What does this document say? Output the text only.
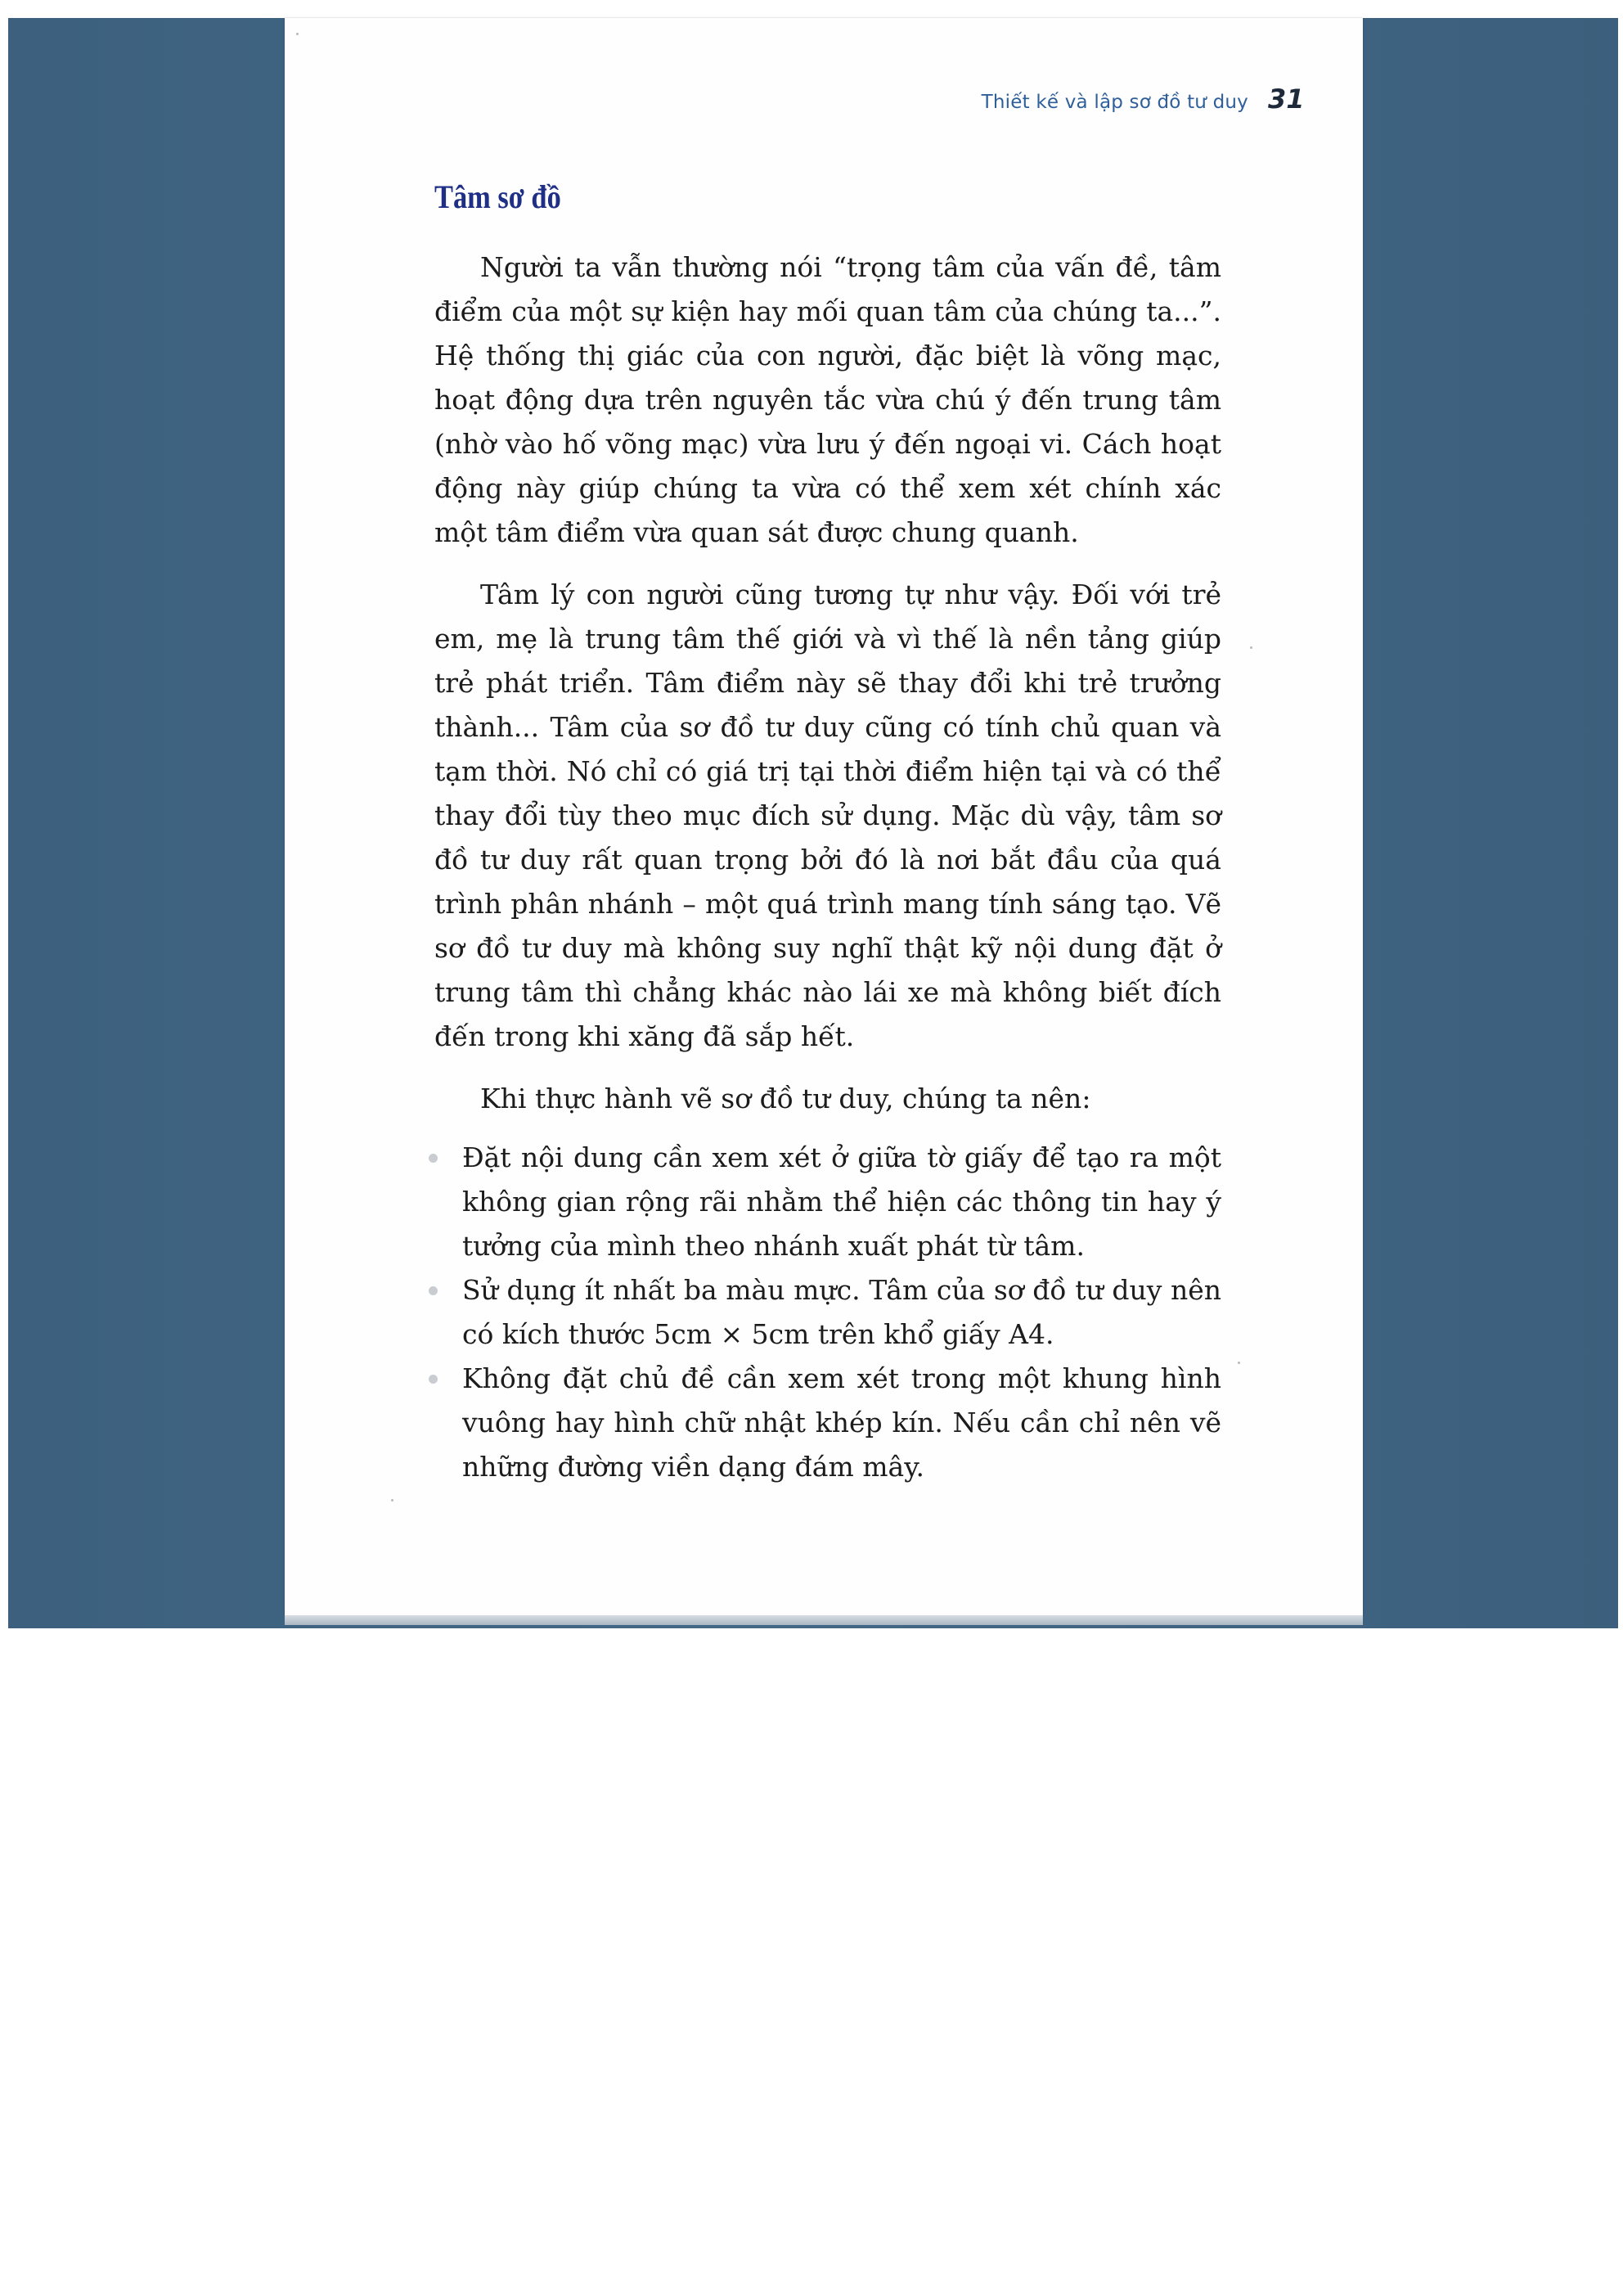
Thiết kế và lập sơ đồ tư duy 31
Tâm sơ đồ

Người ta vẫn thường nói “trọng tâm của vấn đề, tâm điểm của một sự kiện hay mối quan tâm của chúng ta...”. Hệ thống thị giác của con người, đặc biệt là võng mạc, hoạt động dựa trên nguyên tắc vừa chú ý đến trung tâm (nhờ vào hố võng mạc) vừa lưu ý đến ngoại vi. Cách hoạt động này giúp chúng ta vừa có thể xem xét chính xác một tâm điểm vừa quan sát được chung quanh.

Tâm lý con người cũng tương tự như vậy. Đối với trẻ em, mẹ là trung tâm thế giới và vì thế là nền tảng giúp trẻ phát triển. Tâm điểm này sẽ thay đổi khi trẻ trưởng thành... Tâm của sơ đồ tư duy cũng có tính chủ quan và tạm thời. Nó chỉ có giá trị tại thời điểm hiện tại và có thể thay đổi tùy theo mục đích sử dụng. Mặc dù vậy, tâm sơ đồ tư duy rất quan trọng bởi đó là nơi bắt đầu của quá trình phân nhánh – một quá trình mang tính sáng tạo. Vẽ sơ đồ tư duy mà không suy nghĩ thật kỹ nội dung đặt ở trung tâm thì chẳng khác nào lái xe mà không biết đích đến trong khi xăng đã sắp hết.

Khi thực hành vẽ sơ đồ tư duy, chúng ta nên:

Đặt nội dung cần xem xét ở giữa tờ giấy để tạo ra một không gian rộng rãi nhằm thể hiện các thông tin hay ý tưởng của mình theo nhánh xuất phát từ tâm.
Sử dụng ít nhất ba màu mực. Tâm của sơ đồ tư duy nên có kích thước 5cm × 5cm trên khổ giấy A4.
Không đặt chủ đề cần xem xét trong một khung hình vuông hay hình chữ nhật khép kín. Nếu cần chỉ nên vẽ những đường viền dạng đám mây.
